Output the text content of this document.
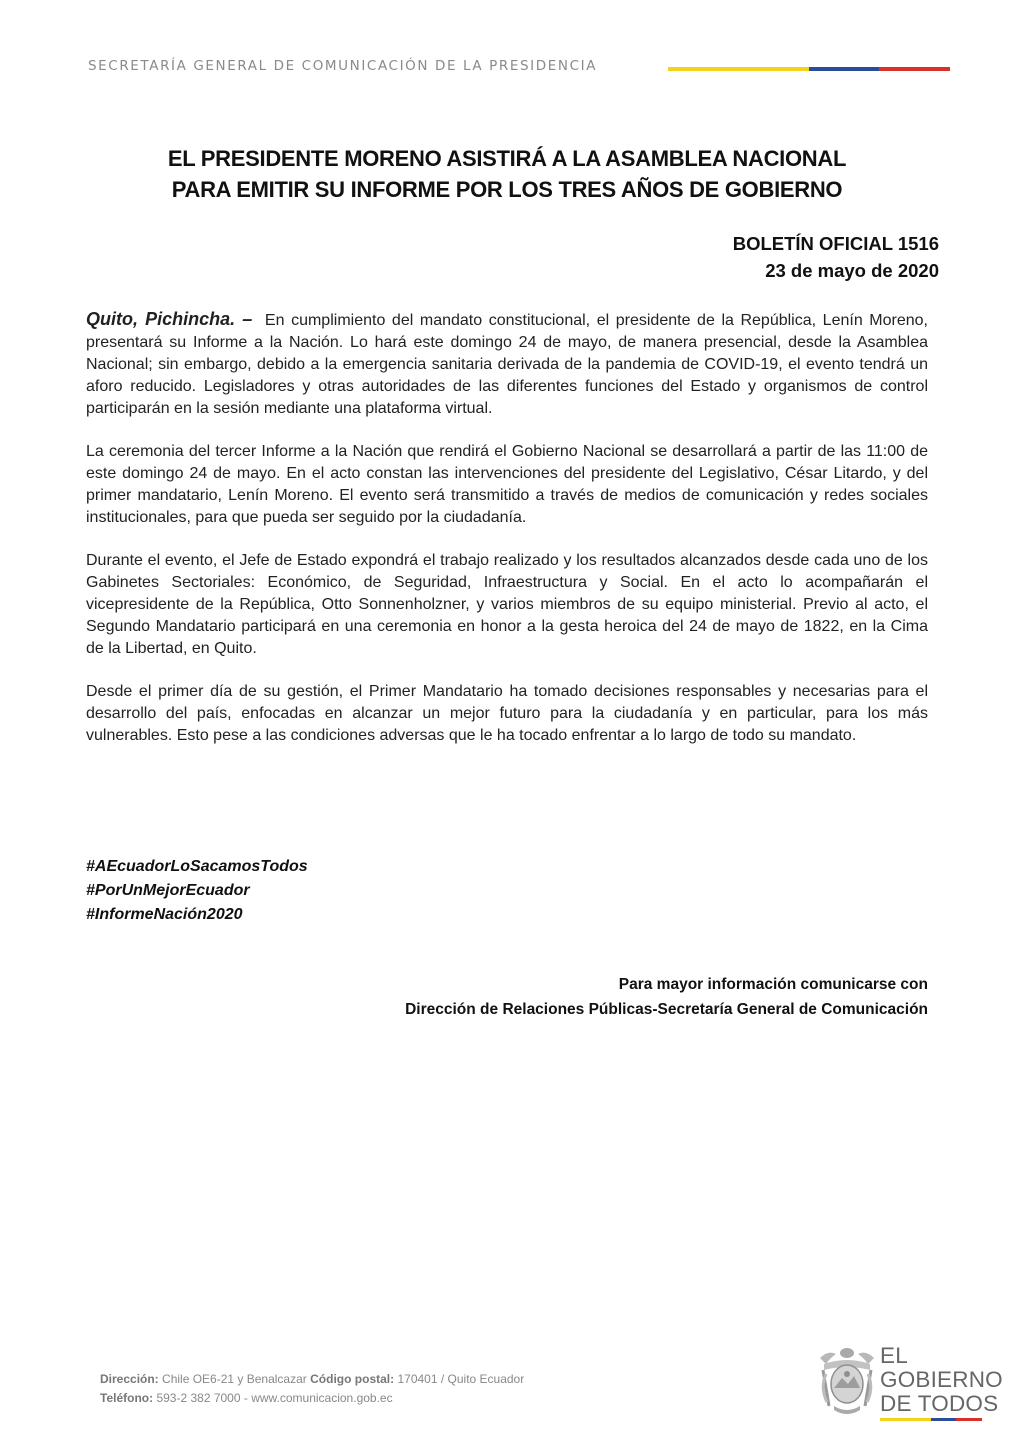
SECRETARÍA GENERAL DE COMUNICACIÓN DE LA PRESIDENCIA
EL PRESIDENTE MORENO ASISTIRÁ A LA ASAMBLEA NACIONAL
PARA EMITIR SU INFORME POR LOS TRES AÑOS DE GOBIERNO
BOLETÍN OFICIAL 1516
23 de mayo de 2020

Quito, Pichincha. – En cumplimiento del mandato constitucional, el presidente de la República, Lenín Moreno, presentará su Informe a la Nación. Lo hará este domingo 24 de mayo, de manera presencial, desde la Asamblea Nacional; sin embargo, debido a la emergencia sanitaria derivada de la pandemia de COVID-19, el evento tendrá un aforo reducido. Legisladores y otras autoridades de las diferentes funciones del Estado y organismos de control participarán en la sesión mediante una plataforma virtual.

La ceremonia del tercer Informe a la Nación que rendirá el Gobierno Nacional se desarrollará a partir de las 11:00 de este domingo 24 de mayo. En el acto constan las intervenciones del presidente del Legislativo, César Litardo, y del primer mandatario, Lenín Moreno. El evento será transmitido a través de medios de comunicación y redes sociales institucionales, para que pueda ser seguido por la ciudadanía.

Durante el evento, el Jefe de Estado expondrá el trabajo realizado y los resultados alcanzados desde cada uno de los Gabinetes Sectoriales: Económico, de Seguridad, Infraestructura y Social. En el acto lo acompañarán el vicepresidente de la República, Otto Sonnenholzner, y varios miembros de su equipo ministerial. Previo al acto, el Segundo Mandatario participará en una ceremonia en honor a la gesta heroica del 24 de mayo de 1822, en la Cima de la Libertad, en Quito.

Desde el primer día de su gestión, el Primer Mandatario ha tomado decisiones responsables y necesarias para el desarrollo del país, enfocadas en alcanzar un mejor futuro para la ciudadanía y en particular, para los más vulnerables. Esto pese a las condiciones adversas que le ha tocado enfrentar a lo largo de todo su mandato.

#AEcuadorLoSacamosTodos
#PorUnMejorEcuador
#InformeNación2020
Para mayor información comunicarse con
Dirección de Relaciones Públicas-Secretaría General de Comunicación
Dirección: Chile OE6-21 y Benalcazar Código postal: 170401 / Quito Ecuador
Teléfono: 593-2 382 7000 - www.comunicacion.gob.ec
EL
GOBIERNO
DE TODOS
